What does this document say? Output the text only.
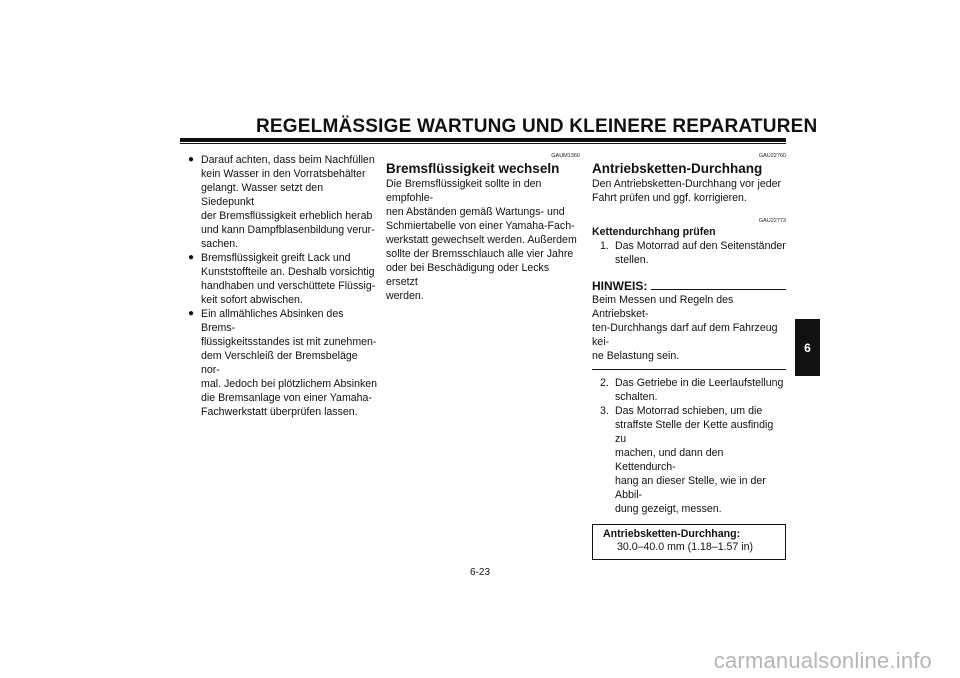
REGELMÄSSIGE WARTUNG UND KLEINERE REPARATUREN
● Darauf achten, dass beim Nachfüllen
kein Wasser in den Vorratsbehälter
gelangt. Wasser setzt den Siedepunkt
der Bremsflüssigkeit erheblich herab
und kann Dampfblasenbildung verur-
sachen.
● Bremsflüssigkeit greift Lack und
Kunststoffteile an. Deshalb vorsichtig
handhaben und verschüttete Flüssig-
keit sofort abwischen.
● Ein allmähliches Absinken des Brems-
flüssigkeitsstandes ist mit zunehmen-
dem Verschleiß der Bremsbeläge nor-
mal. Jedoch bei plötzlichem Absinken
die Bremsanlage von einer Yamaha-
Fachwerkstatt überprüfen lassen.
GAUM1360
Bremsflüssigkeit wechseln
Die Bremsflüssigkeit sollte in den empfohle-
nen Abständen gemäß Wartungs- und
Schmiertabelle von einer Yamaha-Fach-
werkstatt gewechselt werden. Außerdem
sollte der Bremsschlauch alle vier Jahre
oder bei Beschädigung oder Lecks ersetzt
werden.
GAU22760
Antriebsketten-Durchhang
Den Antriebsketten-Durchhang vor jeder
Fahrt prüfen und ggf. korrigieren.
GAU22773
Kettendurchhang prüfen
1. Das Motorrad auf den Seitenständer
stellen.
HINWEIS:
Beim Messen und Regeln des Antriebsket-
ten-Durchhangs darf auf dem Fahrzeug kei-
ne Belastung sein.
2. Das Getriebe in die Leerlaufstellung
schalten.
3. Das Motorrad schieben, um die
straffste Stelle der Kette ausfindig zu
machen, und dann den Kettendurch-
hang an dieser Stelle, wie in der Abbil-
dung gezeigt, messen.
Antriebsketten-Durchhang:
30.0–40.0 mm (1.18–1.57 in)
6
6-23
carmanualsonline.info
